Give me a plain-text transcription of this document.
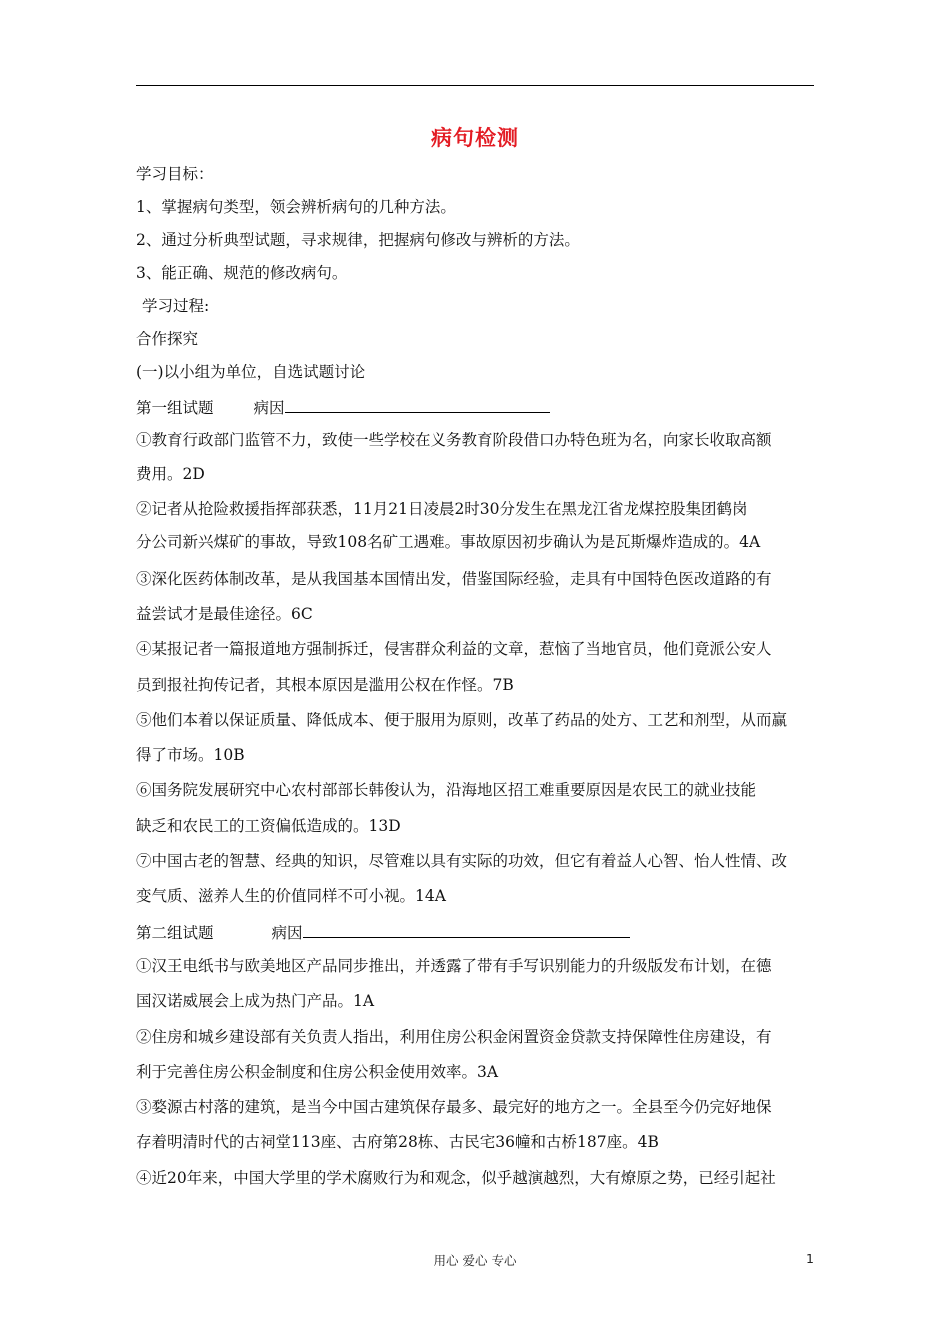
病句检测
学习目标：
1、掌握病句类型，领会辨析病句的几种方法。
2、通过分析典型试题，寻求规律，把握病句修改与辨析的方法。
3、能正确、规范的修改病句。
学习过程:
合作探究
(一)以小组为单位，自选试题讨论
第一组试题	病因
①教育行政部门监管不力，致使一些学校在义务教育阶段借口办特色班为名，向家长收取高额
费用。2D
②记者从抢险救援指挥部获悉，11月21日凌晨2时30分发生在黑龙江省龙煤控股集团鹤岗
分公司新兴煤矿的事故，导致108名矿工遇难。事故原因初步确认为是瓦斯爆炸造成的。4A
③深化医药体制改革，是从我国基本国情出发，借鉴国际经验，走具有中国特色医改道路的有
益尝试才是最佳途径。6C
④某报记者一篇报道地方强制拆迁，侵害群众利益的文章，惹恼了当地官员，他们竟派公安人
员到报社拘传记者，其根本原因是滥用公权在作怪。7B
⑤他们本着以保证质量、降低成本、便于服用为原则，改革了药品的处方、工艺和剂型，从而赢
得了市场。10B
⑥国务院发展研究中心农村部部长韩俊认为，沿海地区招工难重要原因是农民工的就业技能
缺乏和农民工的工资偏低造成的。13D
⑦中国古老的智慧、经典的知识，尽管难以具有实际的功效，但它有着益人心智、怡人性情、改
变气质、滋养人生的价值同样不可小视。14A
第二组试题	病因
①汉王电纸书与欧美地区产品同步推出，并透露了带有手写识别能力的升级版发布计划，在德
国汉诺威展会上成为热门产品。1A
②住房和城乡建设部有关负责人指出，利用住房公积金闲置资金贷款支持保障性住房建设，有
利于完善住房公积金制度和住房公积金使用效率。3A
③婺源古村落的建筑，是当今中国古建筑保存最多、最完好的地方之一。全县至今仍完好地保
存着明清时代的古祠堂113座、古府第28栋、古民宅36幢和古桥187座。4B
④近20年来，中国大学里的学术腐败行为和观念，似乎越演越烈，大有燎原之势，已经引起社
用心 爱心 专心	1
